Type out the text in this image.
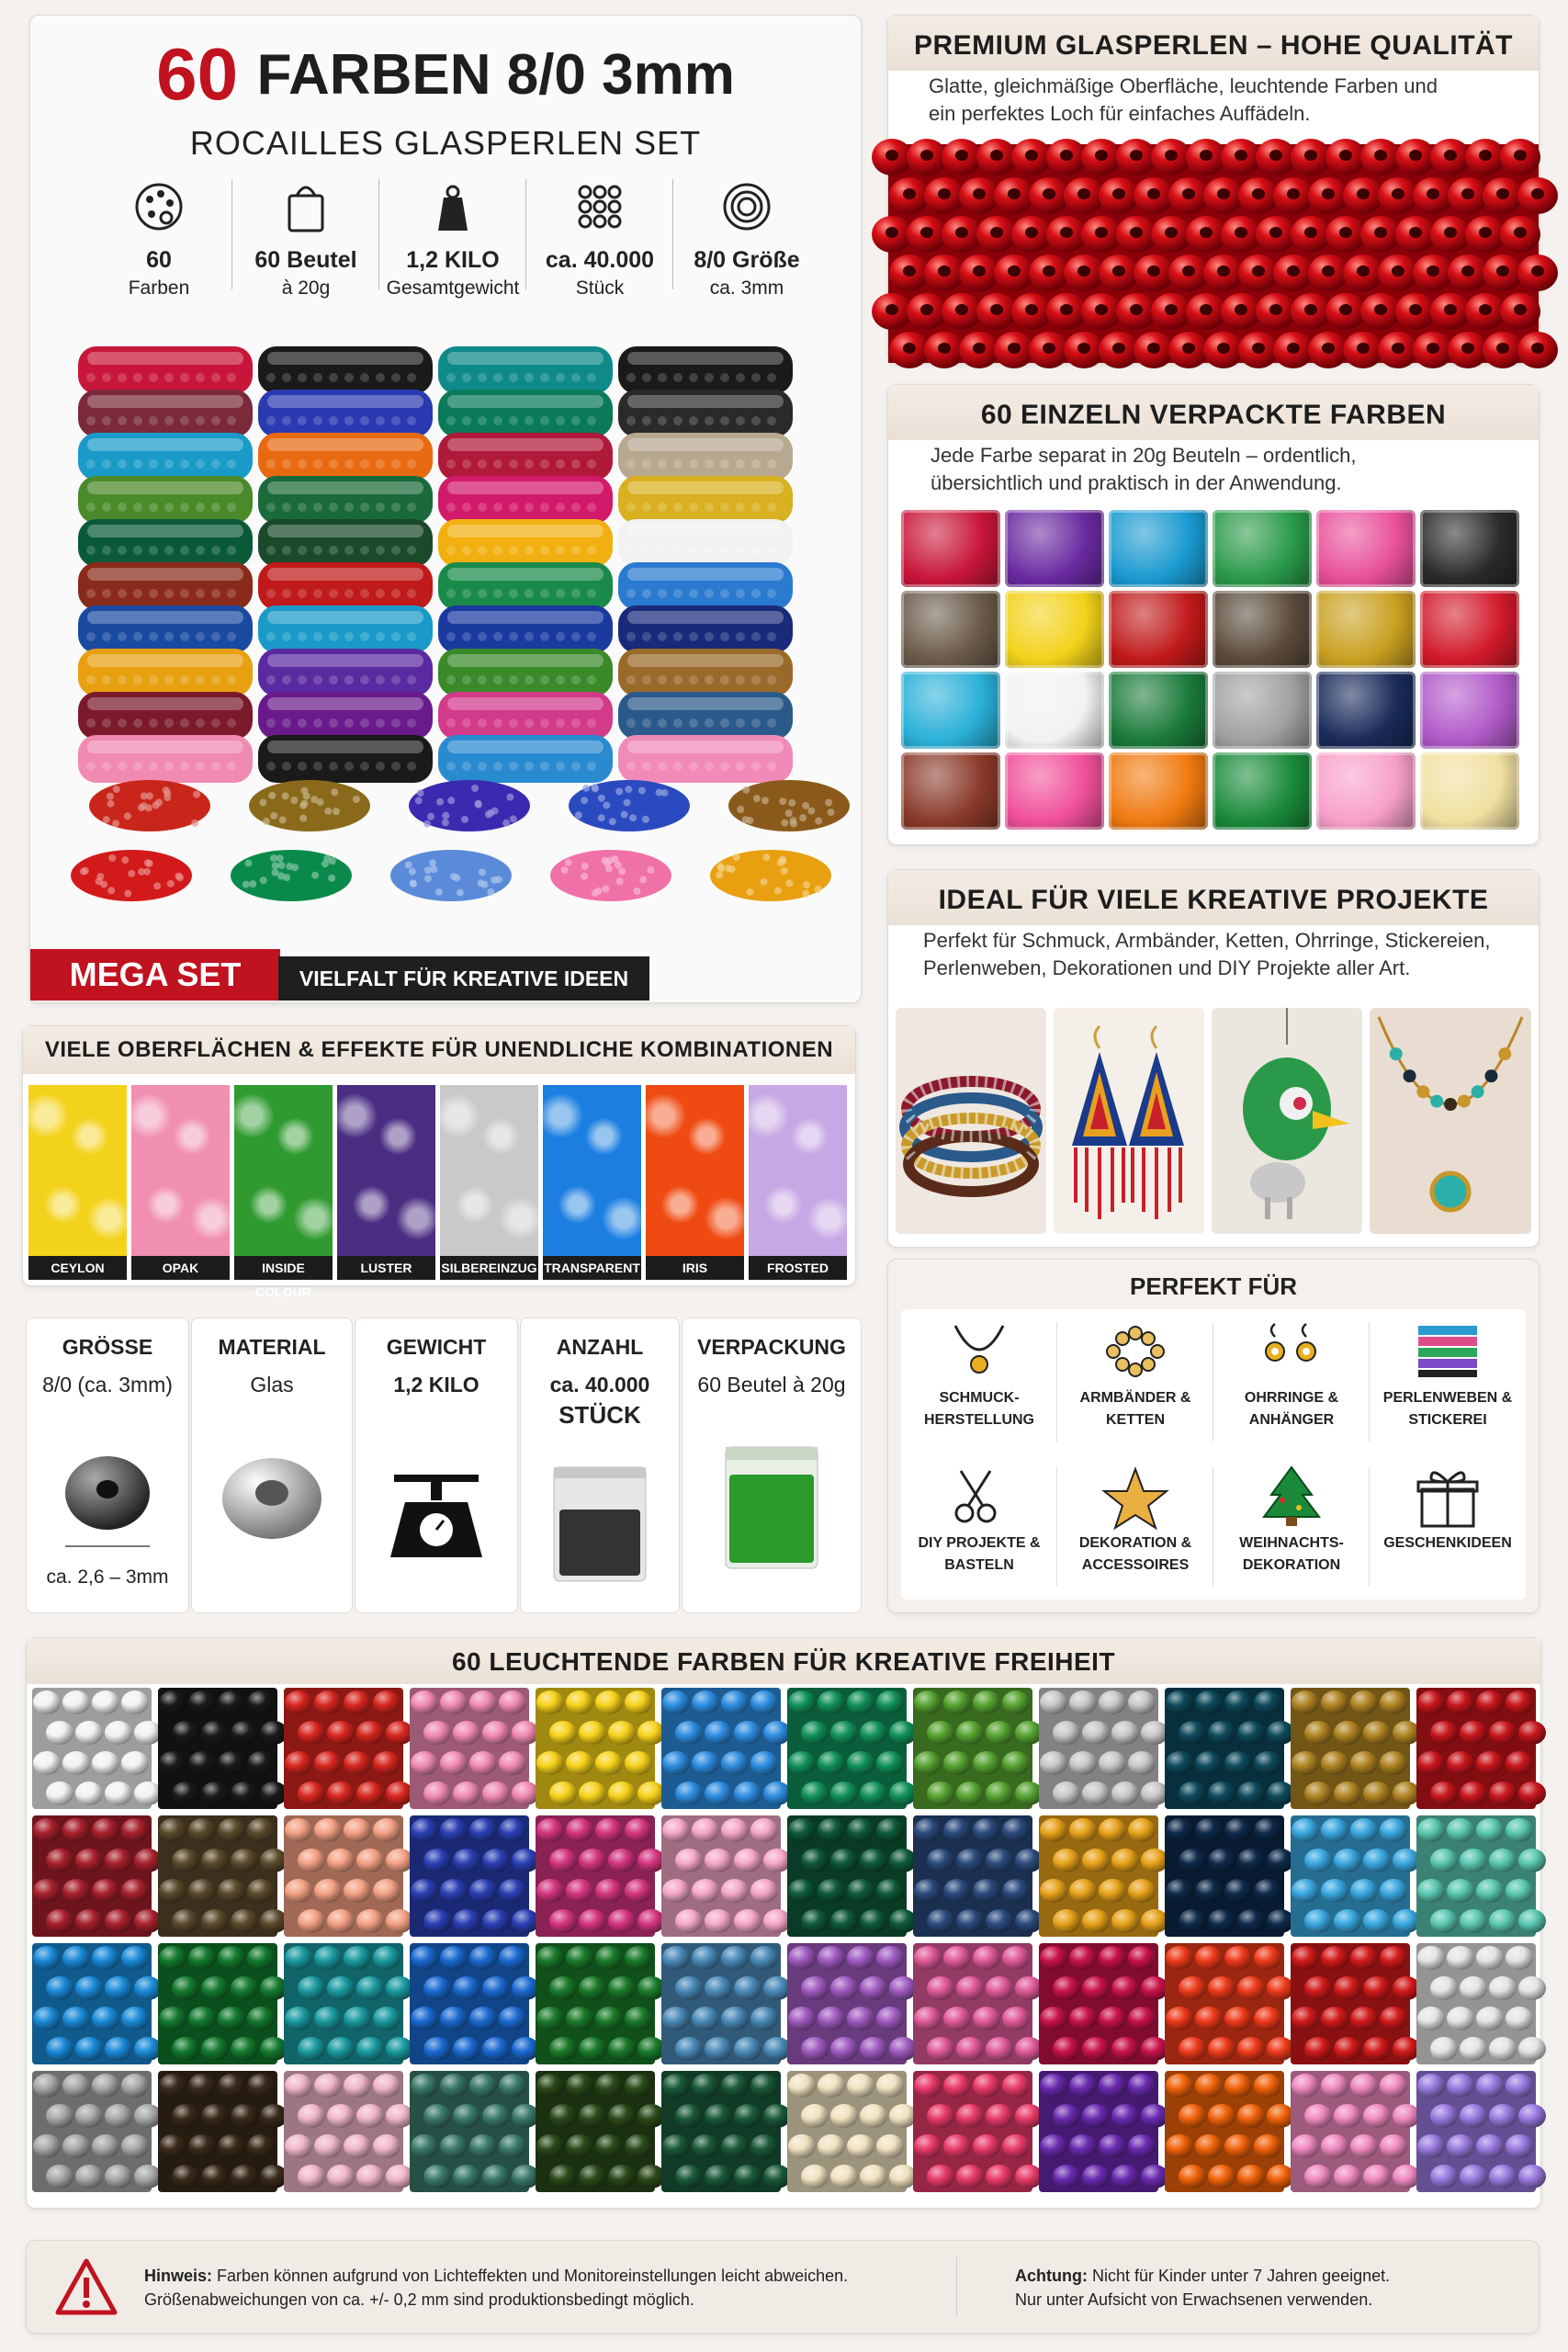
60 FARBEN 8/0 3mm
ROCAILLES GLASPERLEN SET
60
Farben
60 Beutel
à 20g
1,2 KILO
Gesamtgewicht
ca. 40.000
Stück
8/0 Größe
ca. 3mm
MEGA SET	VIELFALT FÜR KREATIVE IDEEN
PREMIUM GLASPERLEN – HOHE QUALITÄT
Glatte, gleichmäßige Oberfläche, leuchtende Farben und
ein perfektes Loch für einfaches Auffädeln.
60 EINZELN VERPACKTE FARBEN
Jede Farbe separat in 20g Beuteln – ordentlich,
übersichtlich und praktisch in der Anwendung.
IDEAL FÜR VIELE KREATIVE PROJEKTE
Perfekt für Schmuck, Armbänder, Ketten, Ohrringe, Stickereien,
Perlenweben, Dekorationen und DIY Projekte aller Art.
VIELE OBERFLÄCHEN & EFFEKTE FÜR UNENDLICHE KOMBINATIONEN
CEYLON	OPAK	INSIDE COLOUR
LUSTER	SILBEREINZUG TRANSPARENT	IRIS	FROSTED
GRÖSSE
8/0 (ca. 3mm)
ca. 2,6 – 3mm
MATERIAL
Glas
GEWICHT
1,2 KILO
ANZAHL
ca. 40.000
STÜCK
VERPACKUNG
60 Beutel à 20g
PERFEKT FÜR
SCHMUCK-
HERSTELLUNG
ARMBÄNDER &
KETTEN
OHRRINGE &
ANHÄNGER
PERLENWEBEN &
STICKEREI
DIY PROJEKTE &
BASTELN
DEKORATION &
ACCESSOIRES
WEIHNACHTS-
DEKORATION
GESCHENKIDEEN
60 LEUCHTENDE FARBEN FÜR KREATIVE FREIHEIT
Hinweis: Farben können aufgrund von Lichteffekten und Monitoreinstellungen leicht abweichen.
Größenabweichungen von ca. +/- 0,2 mm sind produktionsbedingt möglich.
Achtung: Nicht für Kinder unter 7 Jahren geeignet.
Nur unter Aufsicht von Erwachsenen verwenden.
